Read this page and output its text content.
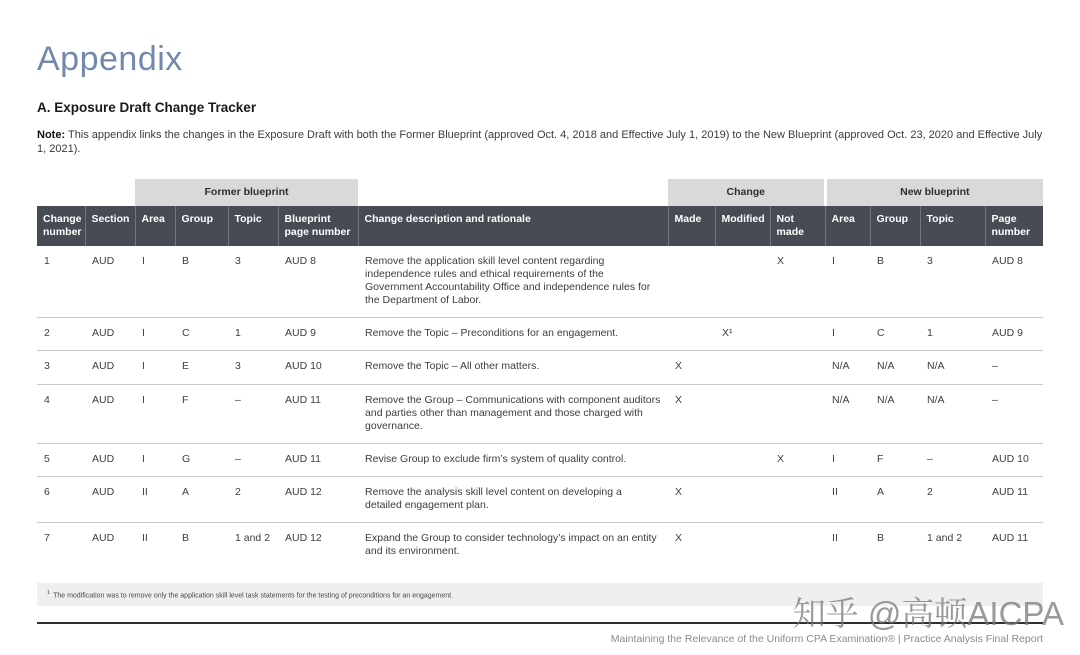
Appendix
A. Exposure Draft Change Tracker

Note: This appendix links the changes in the Exposure Draft with both the Former Blueprint (approved Oct. 4, 2018 and Effective July 1, 2019) to the New Blueprint (approved Oct. 23, 2020 and Effective July 1, 2021).

		Former blueprint					Change			New blueprint			
Change number	Section	Area	Group	Topic	Blueprint page number	Change description and rationale	Made	Modified	Not made	Area	Group	Topic	Page number
1	AUD	I	B	3	AUD 8	Remove the application skill level content regarding independence rules and ethical requirements of the Government Accountability Office and independence rules for the Department of Labor.			X	I	B	3	AUD 8
2	AUD	I	C	1	AUD 9	Remove the Topic – Preconditions for an engagement.		X¹		I	C	1	AUD 9
3	AUD	I	E	3	AUD 10	Remove the Topic – All other matters.	X			N/A	N/A	N/A	–
4	AUD	I	F	–	AUD 11	Remove the Group – Communications with component auditors and parties other than management and those charged with governance.	X			N/A	N/A	N/A	–
5	AUD	I	G	–	AUD 11	Revise Group to exclude firm’s system of quality control.			X	I	F	–	AUD 10
6	AUD	II	A	2	AUD 12	Remove the analysis skill level content on developing a detailed engagement plan.	X			II	A	2	AUD 11
7	AUD	II	B	1 and 2	AUD 12	Expand the Group to consider technology’s impact on an entity and its environment.	X			II	B	1 and 2	AUD 11
$^1$ The modification was to remove only the application skill level task statements for the testing of preconditions for an engagement.
Maintaining the Relevance of the Uniform CPA Examination® | Practice Analysis Final Report
知乎 @高顿AICPA
